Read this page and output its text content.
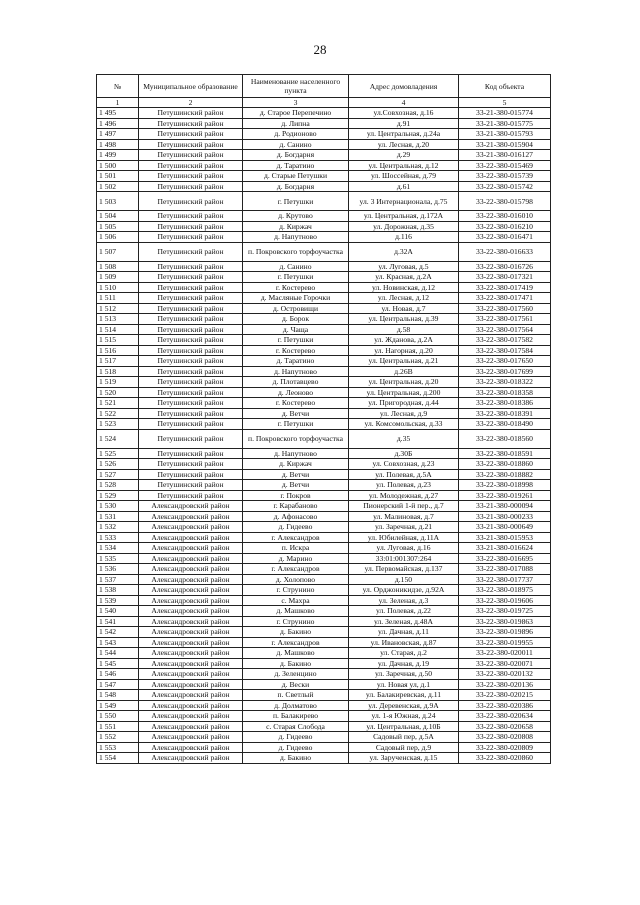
28
№	Муниципальное образование	Наименование населенного пункта	Адрес домовладения	Код объекта
1	2	3	4	5
1 495	Петушинский район	д. Старое Перепечино	ул.Совхозная, д.16	33-21-380-015774
1 496	Петушинский район	д. Липна	д.91	33-21-380-015775
1 497	Петушинский район	д. Родионово	ул. Центральная, д.24а	33-21-380-015793
1 498	Петушинский район	д. Санино	ул. Лесная, д.20	33-21-380-015904
1 499	Петушинский район	д. Богдарня	д.29	33-21-380-016127
1 500	Петушинский район	д. Таратино	ул. Центральная, д.12	33-22-380-015469
1 501	Петушинский район	д. Старые Петушки	ул. Шоссейная, д.79	33-22-380-015739
1 502	Петушинский район	д. Богдарня	д.61	33-22-380-015742
1 503	Петушинский район	г. Петушки	ул. 3 Интернационала, д.75	33-22-380-015798
1 504	Петушинский район	д. Крутово	ул. Центральная, д.172А	33-22-380-016010
1 505	Петушинский район	д. Киржач	ул. Дорожная, д.35	33-22-380-016210
1 506	Петушинский район	д. Напутново	д.116	33-22-380-016471
1 507	Петушинский район	п. Покровского торфоучастка	д.32А	33-22-380-016633
1 508	Петушинский район	д. Санино	ул. Луговая, д.5	33-22-380-016726
1 509	Петушинский район	г. Петушки	ул. Красная, д.2А	33-22-380-017321
1 510	Петушинский район	г. Костерево	ул. Новинская, д.12	33-22-380-017419
1 511	Петушинский район	д. Масляные Горочки	ул. Лесная, д.12	33-22-380-017471
1 512	Петушинский район	д. Островищи	ул. Новая, д.7	33-22-380-017560
1 513	Петушинский район	д. Борок	ул. Центральная, д.39	33-22-380-017561
1 514	Петушинский район	д. Чаща	д.58	33-22-380-017564
1 515	Петушинский район	г. Петушки	ул. Жданова, д.2А	33-22-380-017582
1 516	Петушинский район	г. Костерево	ул. Нагорная, д.20	33-22-380-017584
1 517	Петушинский район	д. Таратино	ул. Центральная, д.21	33-22-380-017650
1 518	Петушинский район	д. Напутново	д.26В	33-22-380-017699
1 519	Петушинский район	д. Плотавцево	ул. Центральная, д.20	33-22-380-018322
1 520	Петушинский район	д. Леоново	ул. Центральная, д.200	33-22-380-018358
1 521	Петушинский район	г. Костерево	ул. Пригородная, д.44	33-22-380-018386
1 522	Петушинский район	д. Ветчи	ул. Лесная, д.9	33-22-380-018391
1 523	Петушинский район	г. Петушки	ул. Комсомольская, д.33	33-22-380-018490
1 524	Петушинский район	п. Покровского торфоучастка	д.35	33-22-380-018560
1 525	Петушинский район	д. Напутново	д.30Б	33-22-380-018591
1 526	Петушинский район	д. Киржач	ул. Совхозная, д.23	33-22-380-018860
1 527	Петушинский район	д. Ветчи	ул. Полевая, д.5А	33-22-380-018882
1 528	Петушинский район	д. Ветчи	ул. Полевая, д.23	33-22-380-018998
1 529	Петушинский район	г. Покров	ул. Молодежная, д.27	33-22-380-019261
1 530	Александровский район	г. Карабаново	Пионерский 1-й пер., д.7	33-21-380-000094
1 531	Александровский район	д. Афонасово	ул. Малиновая, д.7	33-21-380-000233
1 532	Александровский район	д. Гидеево	ул. Заречная, д.21	33-21-380-000649
1 533	Александровский район	г. Александров	ул. Юбилейная, д.11А	33-21-380-015953
1 534	Александровский район	п. Искра	ул. Луговая, д.16	33-21-380-016624
1 535	Александровский район	д. Марино	33:01:001307:264	33-22-380-016695
1 536	Александровский район	г. Александров	ул. Первомайская, д.137	33-22-380-017088
1 537	Александровский район	д. Холопово	д.150	33-22-380-017737
1 538	Александровский район	г. Струнино	ул. Орджоникидзе, д.92А	33-22-380-018975
1 539	Александровский район	с. Махра	ул. Зеленая, д.3	33-22-380-019606
1 540	Александровский район	д. Машково	ул. Полевая, д.22	33-22-380-019725
1 541	Александровский район	г. Струнино	ул. Зеленая, д.48А	33-22-380-019863
1 542	Александровский район	д. Бакино	ул. Дачная, д.11	33-22-380-019896
1 543	Александровский район	г. Александров	ул. Ивановская, д.87	33-22-380-019955
1 544	Александровский район	д. Машково	ул. Старая, д.2	33-22-380-020011
1 545	Александровский район	д. Бакино	ул. Дачная, д.19	33-22-380-020071
1 546	Александровский район	д. Зеленцино	ул. Заречная, д.50	33-22-380-020132
1 547	Александровский район	д. Вески	ул. Новая ул, д.1	33-22-380-020136
1 548	Александровский район	п. Светлый	ул. Балакиревская, д.11	33-22-380-020215
1 549	Александровский район	д. Долматово	ул. Деревенская, д.9А	33-22-380-020386
1 550	Александровский район	п. Балакирево	ул. 1-я Южная, д.24	33-22-380-020634
1 551	Александровский район	с. Старая Слобода	ул. Центральная, д.10Б	33-22-380-020658
1 552	Александровский район	д. Гидеево	Садовый пер, д.5А	33-22-380-020808
1 553	Александровский район	д. Гидеево	Садовый пер, д.9	33-22-380-020809
1 554	Александровский район	д. Бакино	ул. Зарученская, д.15	33-22-380-020860
